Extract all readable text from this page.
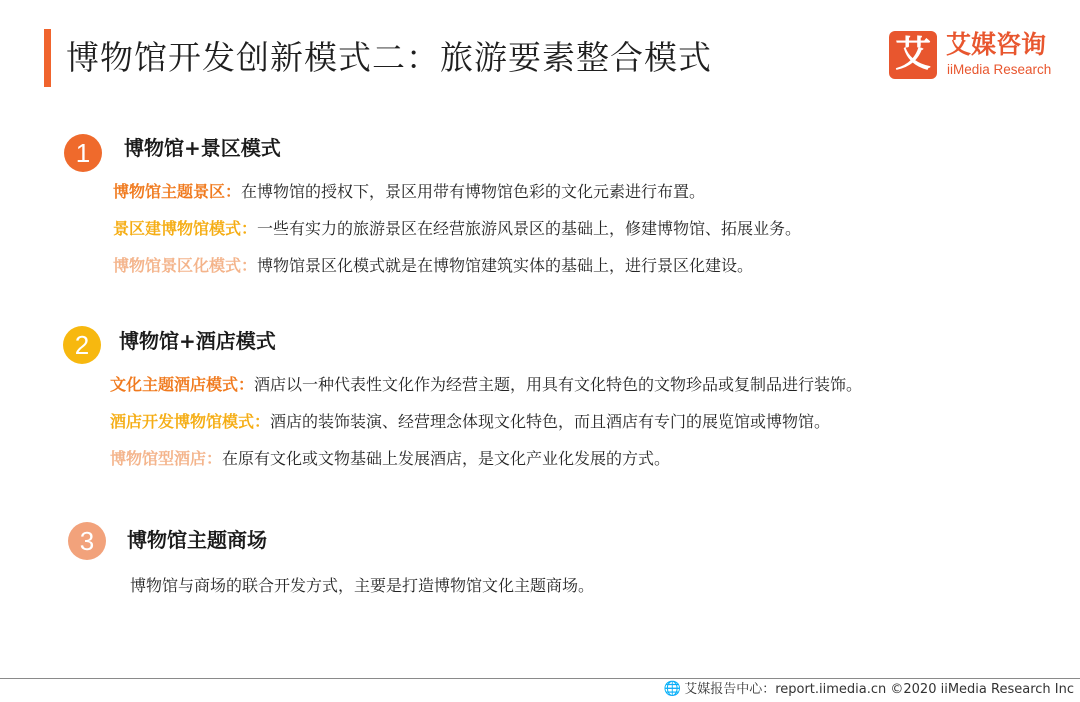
博物馆开发创新模式二：旅游要素整合模式	艾 艾媒咨询
iiMedia Research
1	博物馆+景区模式
博物馆主题景区：在博物馆的授权下，景区用带有博物馆色彩的文化元素进行布置。
景区建博物馆模式：一些有实力的旅游景区在经营旅游风景区的基础上，修建博物馆、拓展业务。
博物馆景区化模式：博物馆景区化模式就是在博物馆建筑实体的基础上，进行景区化建设。
2	博物馆+酒店模式
文化主题酒店模式：酒店以一种代表性文化作为经营主题，用具有文化特色的文物珍品或复制品进行装饰。
酒店开发博物馆模式：酒店的装饰装演、经营理念体现文化特色，而且酒店有专门的展览馆或博物馆。
博物馆型酒店：在原有文化或文物基础上发展酒店，是文化产业化发展的方式。
3	博物馆主题商场
博物馆与商场的联合开发方式，主要是打造博物馆文化主题商场。
🌐 艾媒报告中心：report.iimedia.cn ©2020 iiMedia Research Inc
